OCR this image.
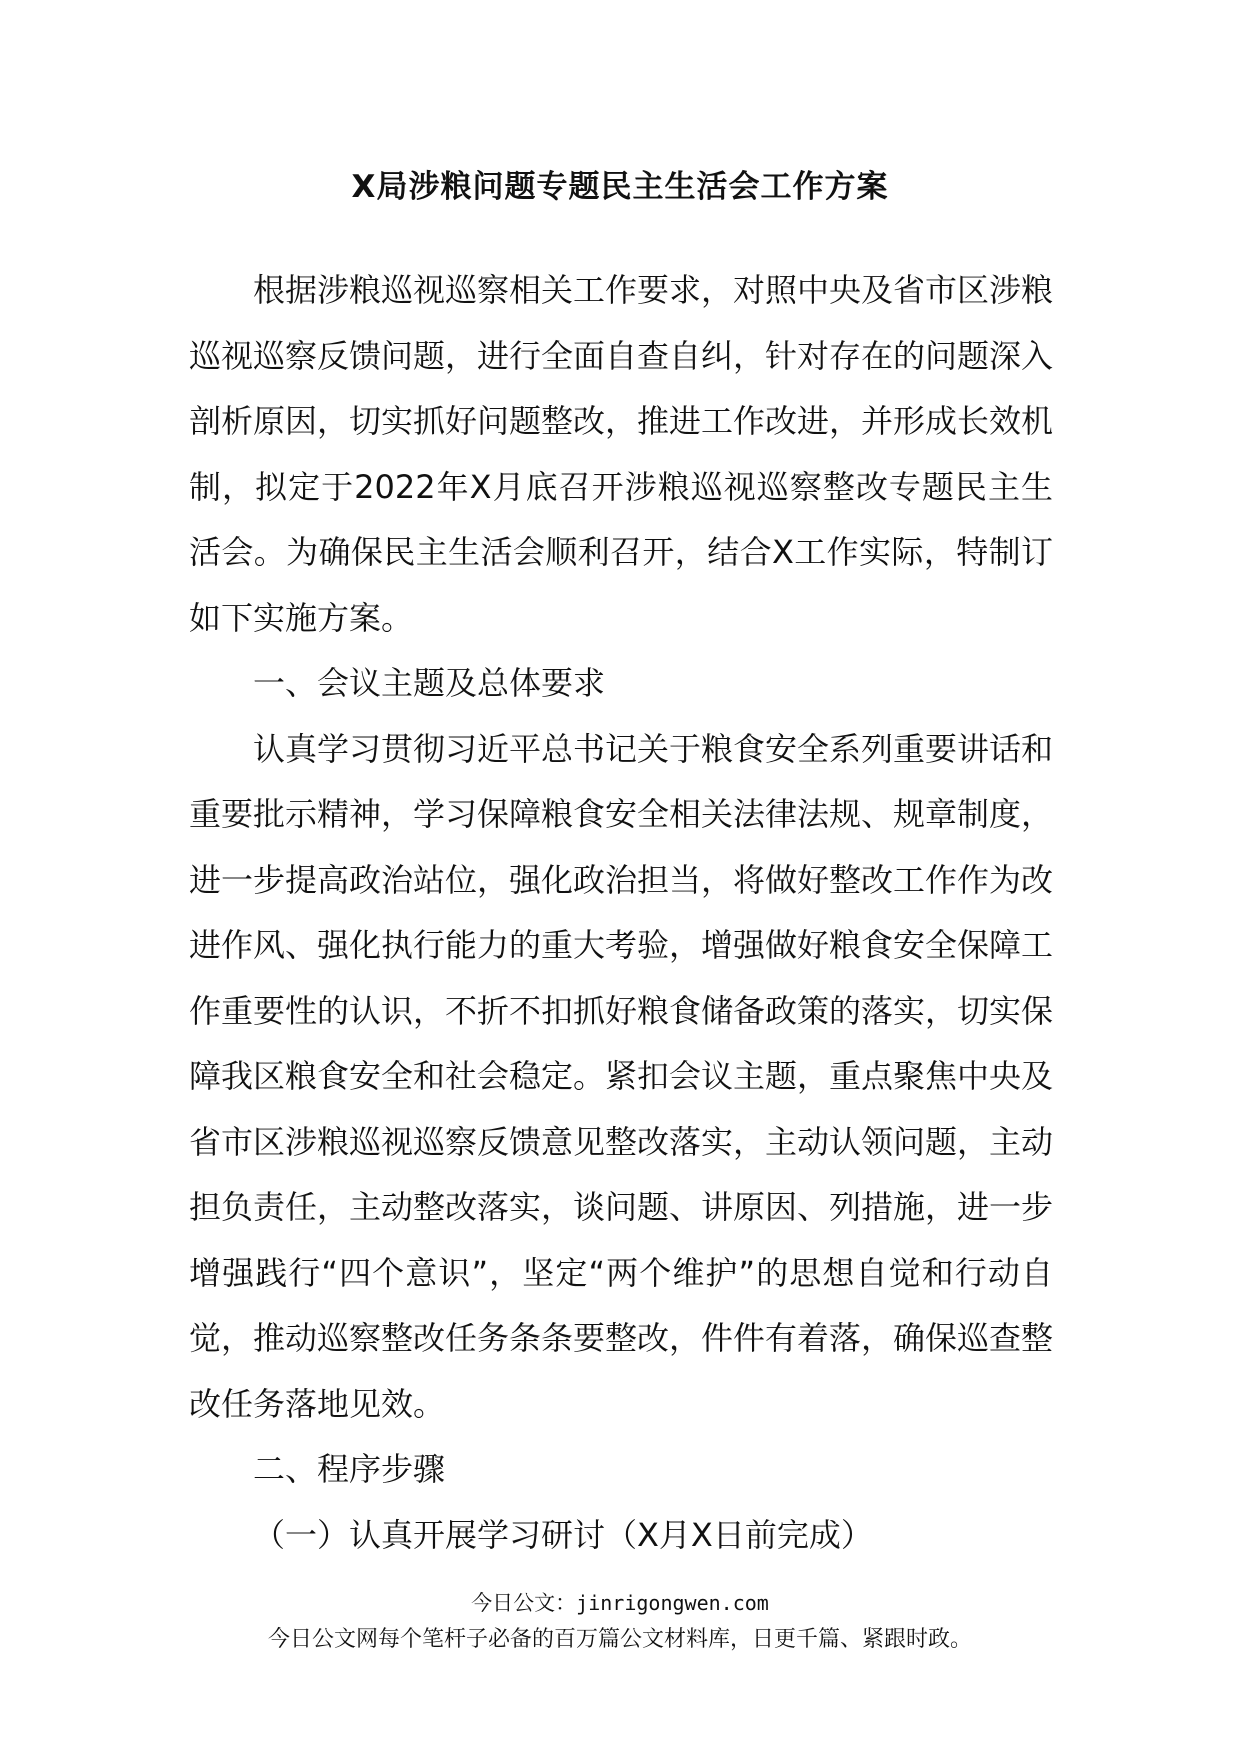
X局涉粮问题专题民主生活会工作方案

根据涉粮巡视巡察相关工作要求，对照中央及省市区涉粮巡视巡察反馈问题，进行全面自查自纠，针对存在的问题深入剖析原因，切实抓好问题整改，推进工作改进，并形成长效机制，拟定于2022年X月底召开涉粮巡视巡察整改专题民主生活会。为确保民主生活会顺利召开，结合X工作实际，特制订如下实施方案。

一、会议主题及总体要求

认真学习贯彻习近平总书记关于粮食安全系列重要讲话和重要批示精神，学习保障粮食安全相关法律法规、规章制度，进一步提高政治站位，强化政治担当，将做好整改工作作为改进作风、强化执行能力的重大考验，增强做好粮食安全保障工作重要性的认识，不折不扣抓好粮食储备政策的落实，切实保障我区粮食安全和社会稳定。紧扣会议主题，重点聚焦中央及省市区涉粮巡视巡察反馈意见整改落实，主动认领问题，主动担负责任，主动整改落实，谈问题、讲原因、列措施，进一步增强践行“四个意识”，坚定“两个维护”的思想自觉和行动自觉，推动巡察整改任务条条要整改，件件有着落，确保巡查整改任务落地见效。

二、程序步骤

（一）认真开展学习研讨（X月X日前完成）

今日公文：jinrigongwen.com
今日公文网每个笔杆子必备的百万篇公文材料库，日更千篇、紧跟时政。
